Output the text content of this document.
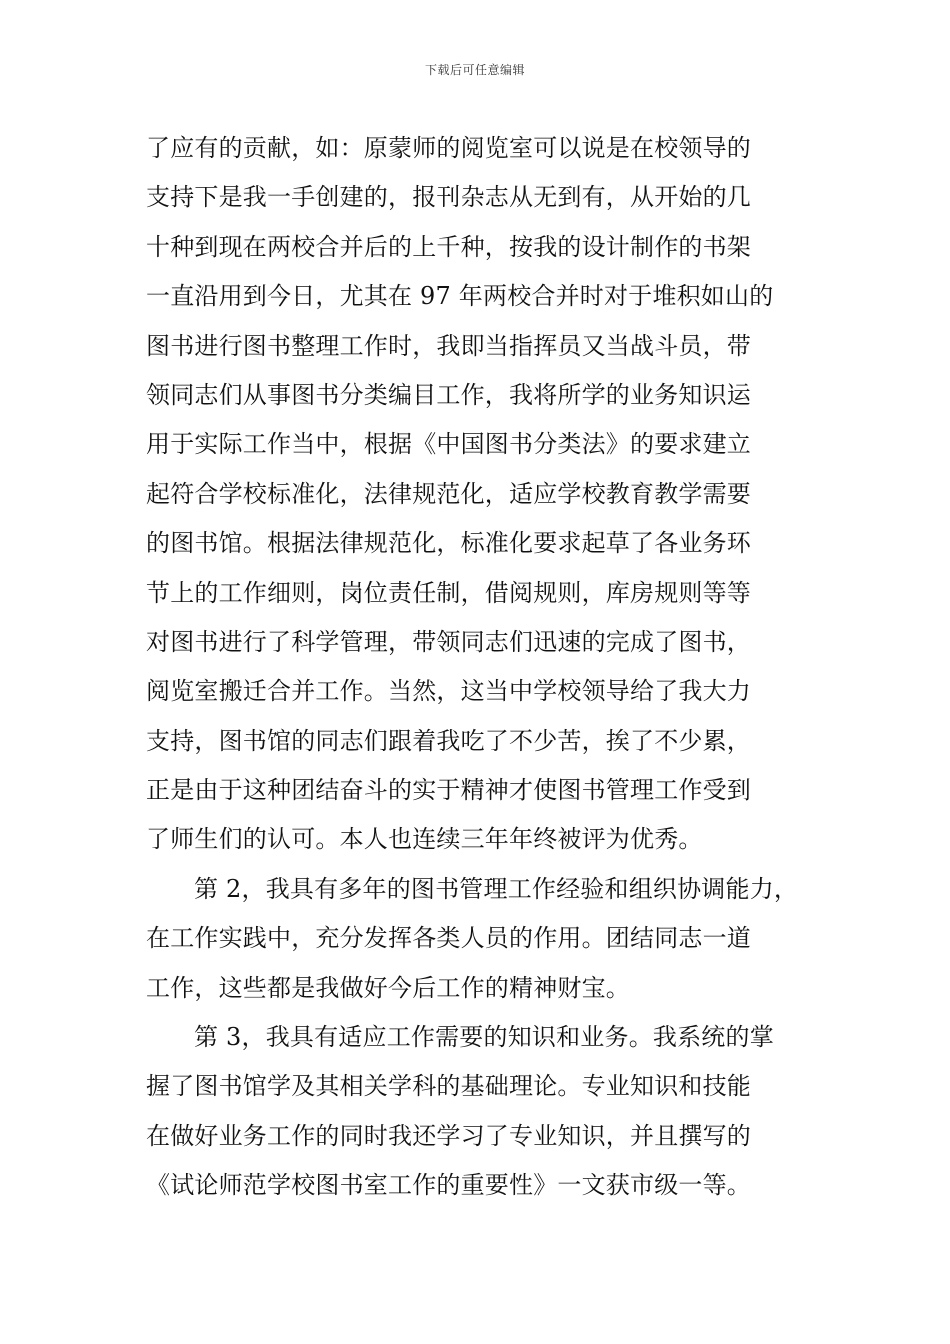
下载后可任意编辑
了应有的贡献，如：原蒙师的阅览室可以说是在校领导的
支持下是我一手创建的，报刊杂志从无到有，从开始的几
十种到现在两校合并后的上千种，按我的设计制作的书架
一直沿用到今日，尤其在 97 年两校合并时对于堆积如山的
图书进行图书整理工作时，我即当指挥员又当战斗员，带
领同志们从事图书分类编目工作，我将所学的业务知识运
用于实际工作当中，根据《中国图书分类法》的要求建立
起符合学校标准化，法律规范化，适应学校教育教学需要
的图书馆。根据法律规范化，标准化要求起草了各业务环
节上的工作细则，岗位责任制，借阅规则，库房规则等等
对图书进行了科学管理，带领同志们迅速的完成了图书，
阅览室搬迁合并工作。当然，这当中学校领导给了我大力
支持，图书馆的同志们跟着我吃了不少苦，挨了不少累，
正是由于这种团结奋斗的实于精神才使图书管理工作受到
了师生们的认可。本人也连续三年年终被评为优秀。
第 2，我具有多年的图书管理工作经验和组织协调能力，
在工作实践中，充分发挥各类人员的作用。团结同志一道
工作，这些都是我做好今后工作的精神财宝。
第 3，我具有适应工作需要的知识和业务。我系统的掌
握了图书馆学及其相关学科的基础理论。专业知识和技能
在做好业务工作的同时我还学习了专业知识，并且撰写的
《试论师范学校图书室工作的重要性》一文获市级一等。
